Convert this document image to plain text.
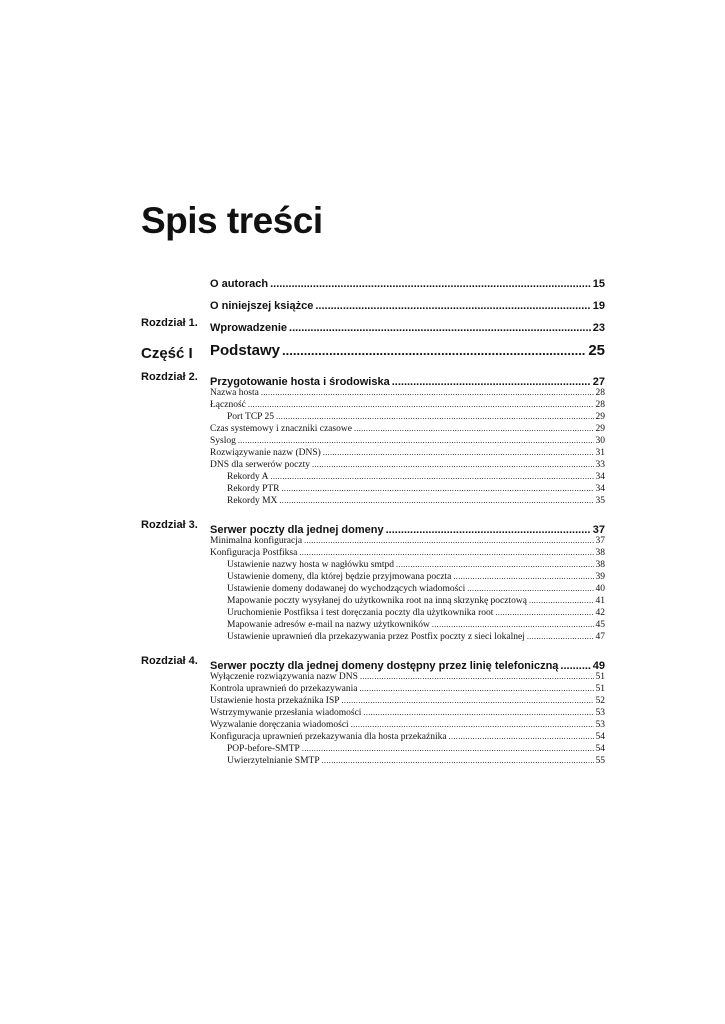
Spis treści
O autorach .....	15
O niniejszej książce .....	19
Rozdział 1. Wprowadzenie .....	23
Część I Podstawy .....	25
Rozdział 2. Przygotowanie hosta i środowiska .....	27
Nazwa hosta .....	28
Łączność .....	28
Port TCP 25 .....	29
Czas systemowy i znaczniki czasowe .....	29
Syslog .....	30
Rozwiązywanie nazw (DNS) .....	31
DNS dla serwerów poczty .....	33
Rekordy A .....	34
Rekordy PTR .....	34
Rekordy MX .....	35
Rozdział 3. Serwer poczty dla jednej domeny .....	37
Minimalna konfiguracja .....	37
Konfiguracja Postfiksa .....	38
Ustawienie nazwy hosta w nagłówku smtpd .....	38
Ustawienie domeny, dla której będzie przyjmowana poczta .....	39
Ustawienie domeny dodawanej do wychodzących wiadomości .....	40
Mapowanie poczty wysyłanej do użytkownika root na inną skrzynkę pocztową .....	41
Uruchomienie Postfiksa i test doręczania poczty dla użytkownika root .....	42
Mapowanie adresów e-mail na nazwy użytkowników .....	45
Ustawienie uprawnień dla przekazywania przez Postfix poczty z sieci lokalnej .....	47
Rozdział 4. Serwer poczty dla jednej domeny dostępny przez linię telefoniczną .....	49
Wyłączenie rozwiązywania nazw DNS .....	51
Kontrola uprawnień do przekazywania .....	51
Ustawienie hosta przekaźnika ISP .....	52
Wstrzymywanie przesłania wiadomości .....	53
Wyzwalanie doręczania wiadomości .....	53
Konfiguracja uprawnień przekazywania dla hosta przekaźnika .....	54
POP-before-SMTP .....	54
Uwierzytelnianie SMTP .....	55
